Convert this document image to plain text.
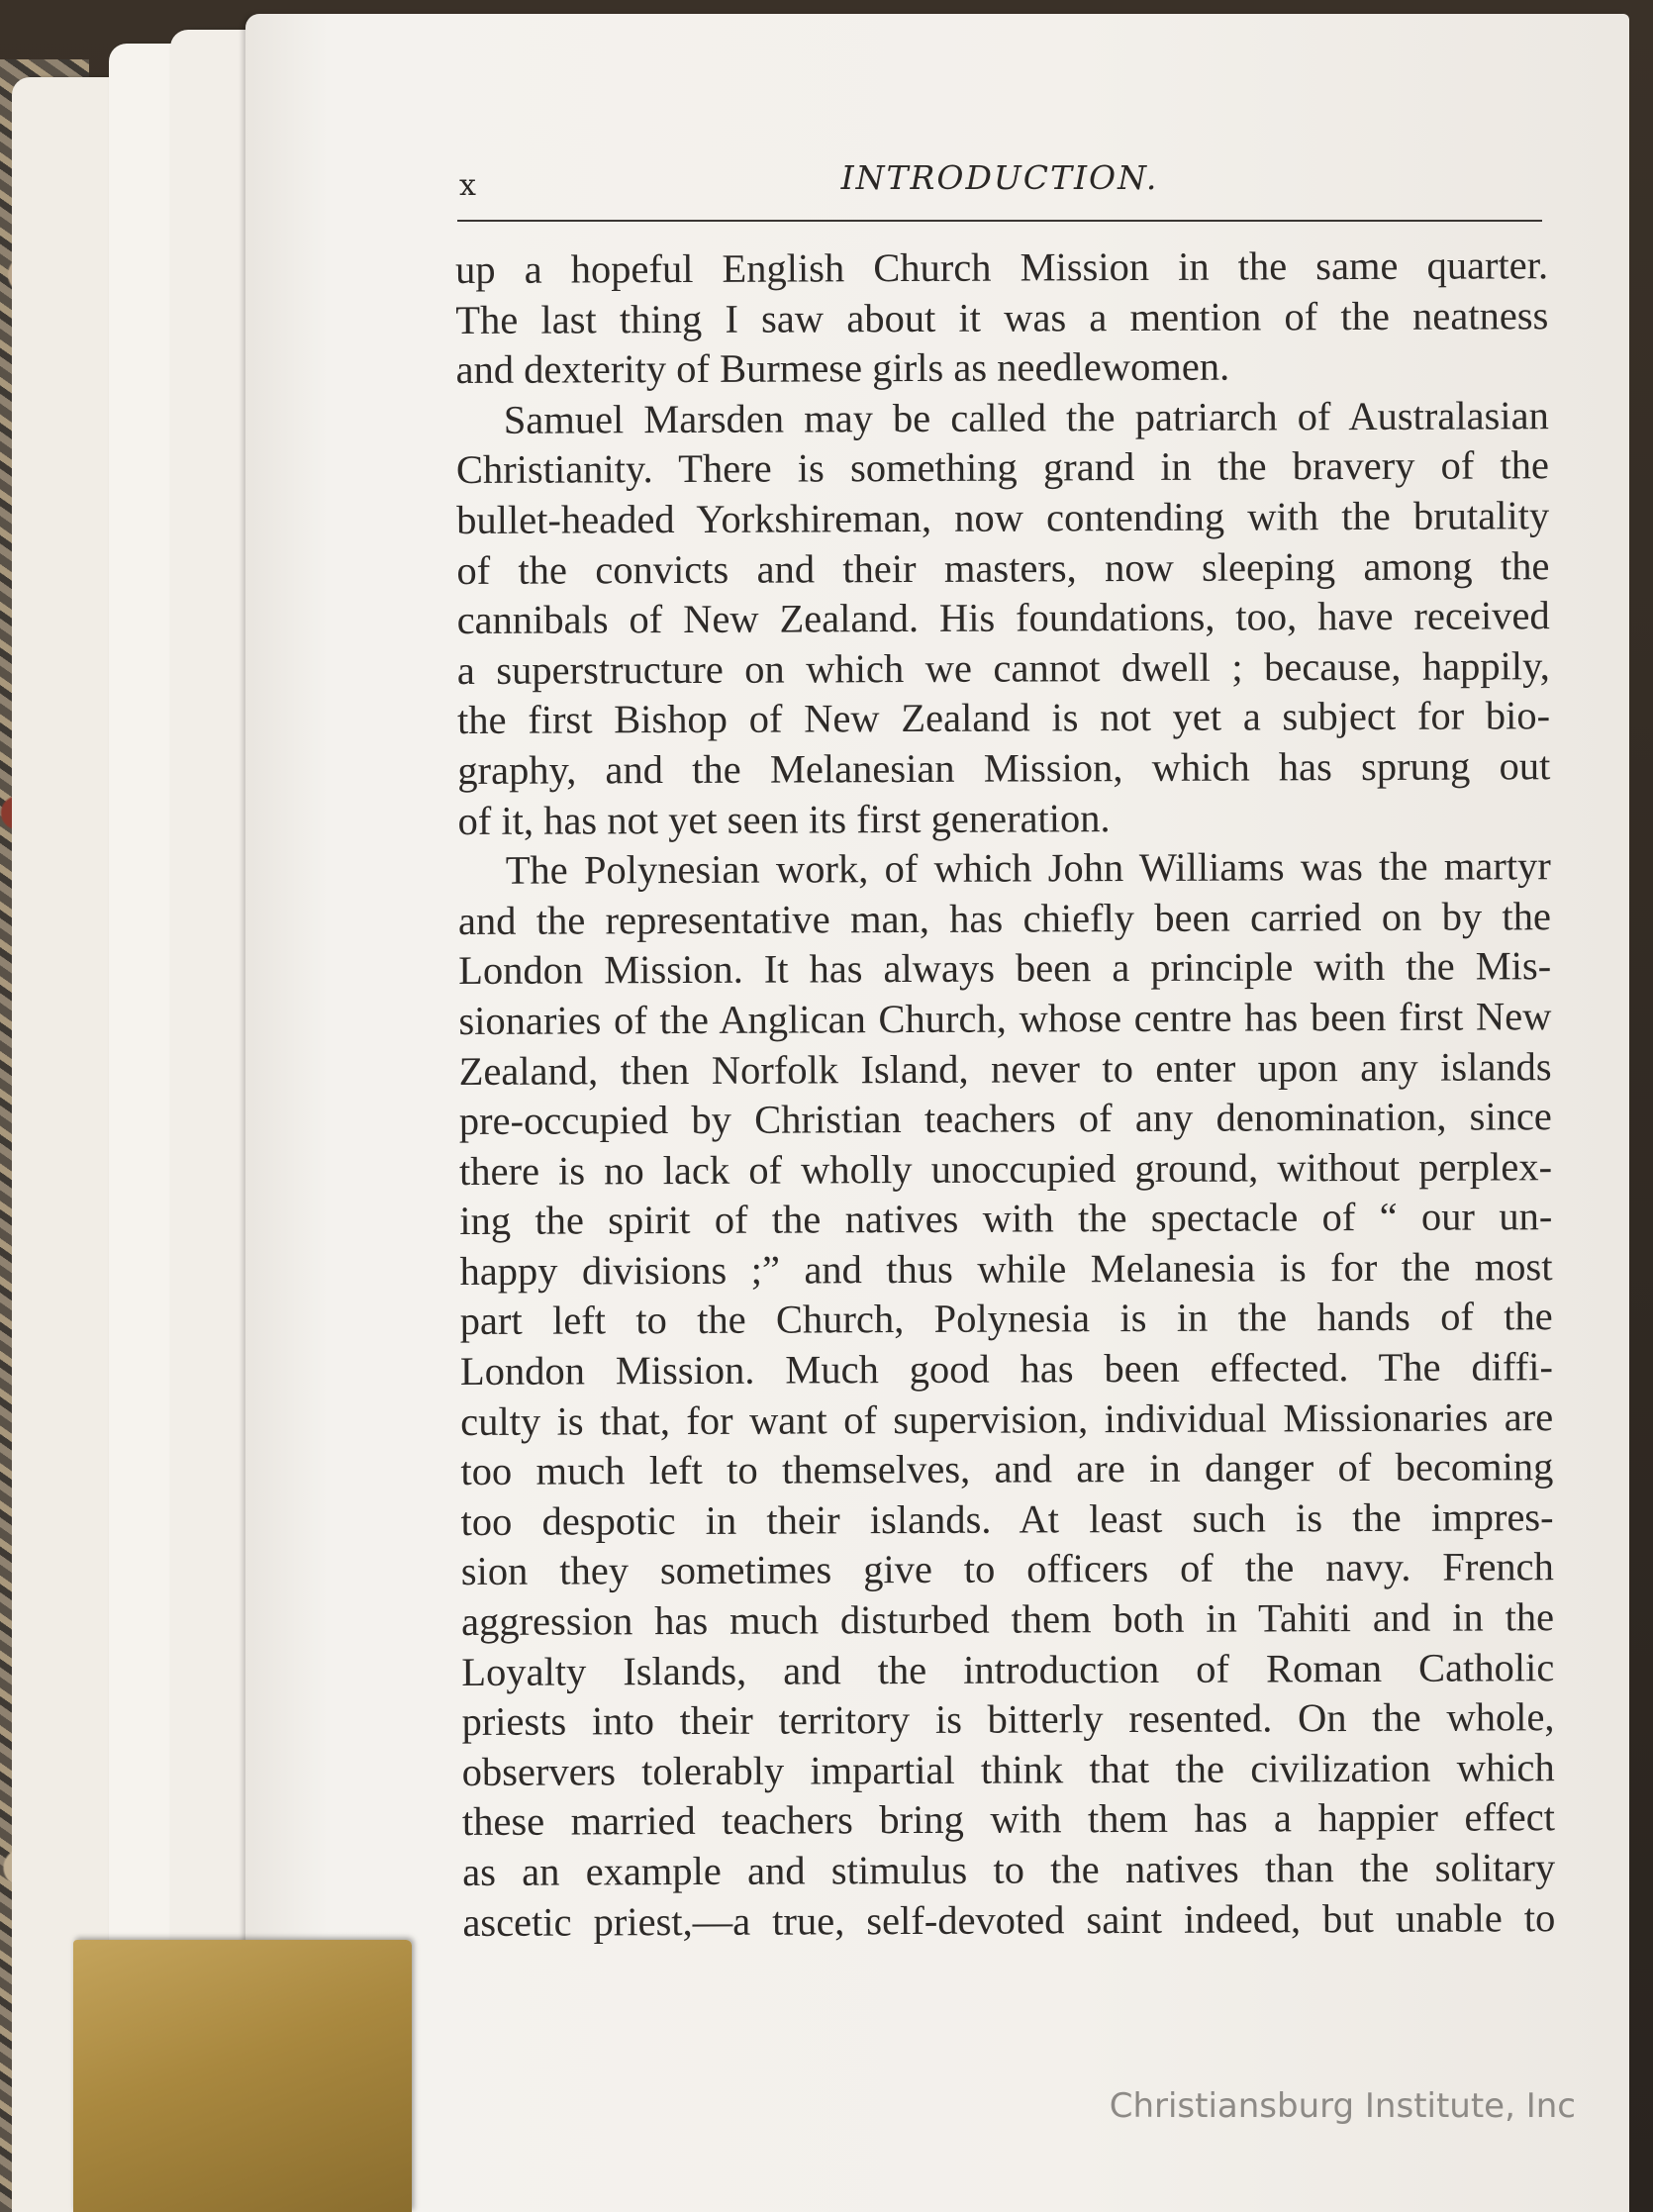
x	INTRODUCTION.
up a hopeful English Church Mission in the same quarter.
The last thing I saw about it was a mention of the neatness
and dexterity of Burmese girls as needlewomen.
Samuel Marsden may be called the patriarch of Australasian
Christianity. There is something grand in the bravery of the
bullet-headed Yorkshireman, now contending with the brutality
of the convicts and their masters, now sleeping among the
cannibals of New Zealand. His foundations, too, have received
a superstructure on which we cannot dwell ; because, happily,
the first Bishop of New Zealand is not yet a subject for bio-
graphy, and the Melanesian Mission, which has sprung out
of it, has not yet seen its first generation.
The Polynesian work, of which John Williams was the martyr
and the representative man, has chiefly been carried on by the
London Mission. It has always been a principle with the Mis-
sionaries of the Anglican Church, whose centre has been first New
Zealand, then Norfolk Island, never to enter upon any islands
pre-occupied by Christian teachers of any denomination, since
there is no lack of wholly unoccupied ground, without perplex-
ing the spirit of the natives with the spectacle of “ our un-
happy divisions ;” and thus while Melanesia is for the most
part left to the Church, Polynesia is in the hands of the
London Mission. Much good has been effected. The diffi-
culty is that, for want of supervision, individual Missionaries are
too much left to themselves, and are in danger of becoming
too despotic in their islands. At least such is the impres-
sion they sometimes give to officers of the navy. French
aggression has much disturbed them both in Tahiti and in the
Loyalty Islands, and the introduction of Roman Catholic
priests into their territory is bitterly resented. On the whole,
observers tolerably impartial think that the civilization which
these married teachers bring with them has a happier effect
as an example and stimulus to the natives than the solitary
ascetic priest,—a true, self-devoted saint indeed, but unable to
Christiansburg Institute, Inc
